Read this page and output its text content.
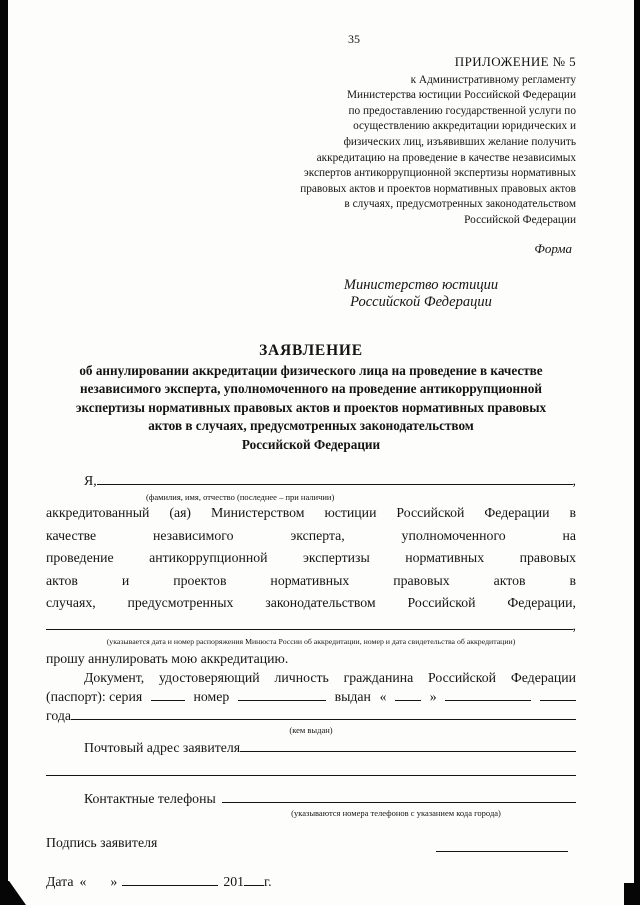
35
ПРИЛОЖЕНИЕ № 5
к Административному регламенту
Министерства юстиции Российской Федерации
по предоставлению государственной услуги по
осуществлению аккредитации юридических и
физических лиц, изъявивших желание получить
аккредитацию на проведение в качестве независимых
экспертов антикоррупционной экспертизы нормативных
правовых актов и проектов нормативных правовых актов
в случаях, предусмотренных законодательством
Российской Федерации
Форма
Министерство юстиции
Российской Федерации
ЗАЯВЛЕНИЕ
об аннулировании аккредитации физического лица на проведение в качестве
независимого эксперта, уполномоченного на проведение антикоррупционной
экспертизы нормативных правовых актов и проектов нормативных правовых
актов в случаях, предусмотренных законодательством
Российской Федерации
Я,	,
(фамилия, имя, отчество (последнее – при наличии)
аккредитованный (ая) Министерством юстиции Российской Федерации в
качестве независимого эксперта, уполномоченного на
проведение антикоррупционной экспертизы нормативных правовых
актов и проектов нормативных правовых актов в
случаях, предусмотренных законодательством Российской Федерации,
,
(указывается дата и номер распоряжения Минюста России об аккредитации, номер и дата свидетельства об аккредитации)
прошу аннулировать мою аккредитацию.
Документ, удостоверяющий личность гражданина Российской Федерации
(паспорт): серия	номер	выдан «	»
года
(кем выдан)
Почтовый адрес заявителя
Контактные телефоны
(указываются номера телефонов с указанием кода города)
Подпись заявителя
Дата « »	201 г.
